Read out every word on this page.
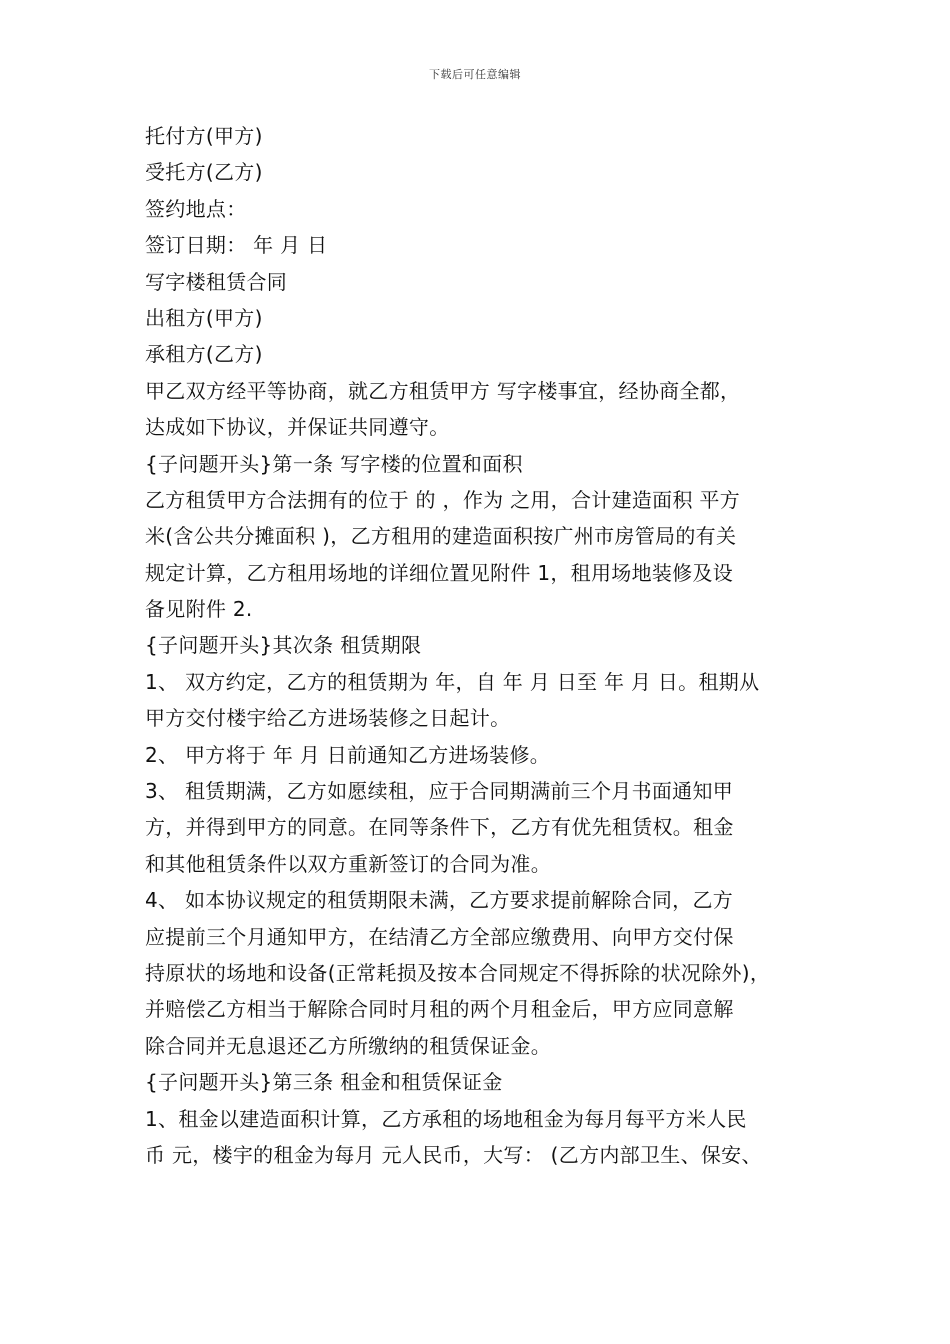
下载后可任意编辑
托付方(甲方)
受托方(乙方)
签约地点：
签订日期： 年 月 日
写字楼租赁合同
出租方(甲方)
承租方(乙方)
甲乙双方经平等协商，就乙方租赁甲方 写字楼事宜，经协商全都，
达成如下协议，并保证共同遵守。
{子问题开头}第一条 写字楼的位置和面积
乙方租赁甲方合法拥有的位于 的 ，作为 之用，合计建造面积 平方
米(含公共分摊面积 )，乙方租用的建造面积按广州市房管局的有关
规定计算，乙方租用场地的详细位置见附件 1，租用场地装修及设
备见附件 2.
{子问题开头}其次条 租赁期限
1、 双方约定，乙方的租赁期为 年，自 年 月 日至 年 月 日。租期从
甲方交付楼宇给乙方进场装修之日起计。
2、 甲方将于 年 月 日前通知乙方进场装修。
3、 租赁期满，乙方如愿续租，应于合同期满前三个月书面通知甲
方，并得到甲方的同意。在同等条件下，乙方有优先租赁权。租金
和其他租赁条件以双方重新签订的合同为准。
4、 如本协议规定的租赁期限未满，乙方要求提前解除合同，乙方
应提前三个月通知甲方，在结清乙方全部应缴费用、向甲方交付保
持原状的场地和设备(正常耗损及按本合同规定不得拆除的状况除外)，
并赔偿乙方相当于解除合同时月租的两个月租金后，甲方应同意解
除合同并无息退还乙方所缴纳的租赁保证金。
{子问题开头}第三条 租金和租赁保证金
1、租金以建造面积计算，乙方承租的场地租金为每月每平方米人民
币 元，楼宇的租金为每月 元人民币，大写： (乙方内部卫生、保安、
